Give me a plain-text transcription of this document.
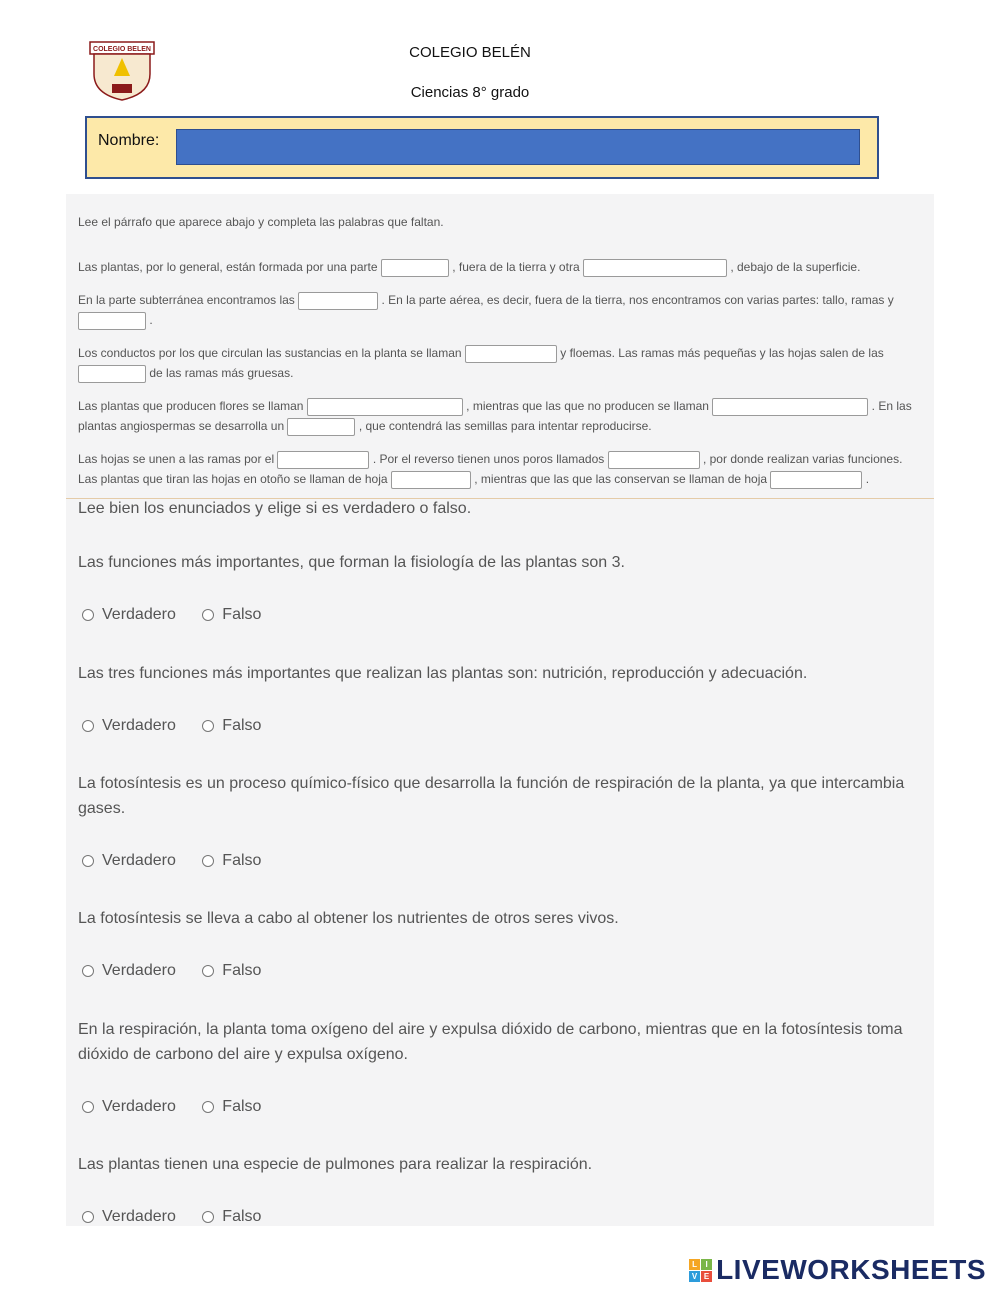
COLEGIO BELEN	COLEGIO BELÉN
Ciencias 8° grado
Nombre:
Lee el párrafo que aparece abajo y completa las palabras que faltan.
Las plantas, por lo general, están formada por una parte	, fuera de la tierra y otra	, debajo de la superficie.
En la parte subterránea encontramos las	. En la parte aérea, es decir, fuera de la tierra, nos encontramos con varias partes: tallo, ramas y
.
Los conductos por los que circulan las sustancias en la planta se llaman	y floemas. Las ramas más pequeñas y las hojas salen de las
de las ramas más gruesas.
Las plantas que producen flores se llaman	, mientras que las que no producen se llaman	. En las plantas angiospermas se desarrolla un	, que contendrá las semillas para intentar reproducirse.
Las hojas se unen a las ramas por el	. Por el reverso tienen unos poros llamados	, por donde realizan varias funciones. Las plantas que tiran las hojas en otoño se llaman de hoja	, mientras que las que las conservan se llaman de hoja	.
Lee bien los enunciados y elige si es verdadero o falso.
Las funciones más importantes, que forman la fisiología de las plantas son 3.
Verdadero
	Falso
Las tres funciones más importantes que realizan las plantas son: nutrición, reproducción y adecuación.
Verdadero
	Falso
La fotosíntesis es un proceso químico-físico que desarrolla la función de respiración de la planta, ya que intercambia gases.
Verdadero
	Falso
La fotosíntesis se lleva a cabo al obtener los nutrientes de otros seres vivos.
Verdadero
	Falso
En la respiración, la planta toma oxígeno del aire y expulsa dióxido de carbono, mientras que en la fotosíntesis toma dióxido de carbono del aire y expulsa oxígeno.
Verdadero
	Falso
Las plantas tienen una especie de pulmones para realizar la respiración.
Verdadero
	Falso
L	I
V E LIVEWORKSHEETS
